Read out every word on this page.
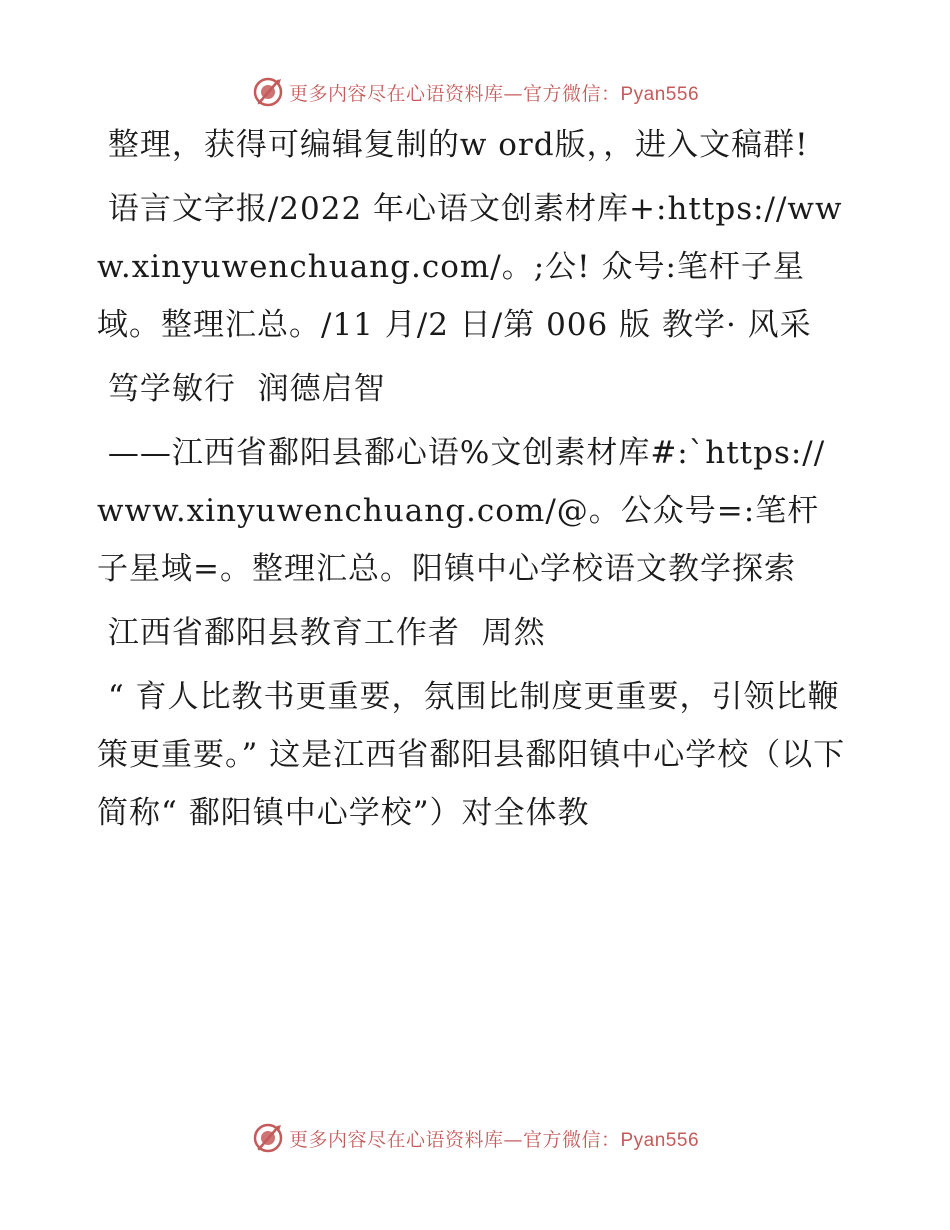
更多内容尽在心语资料库—官方微信：Pyan556

整理，获得可编辑复制的w ord版，，进入文稿群!

语言文字报/2022 年心语文创素材库+:https://www.xinyuwenchuang.com/。;公! 众号:笔杆子星域。整理汇总。/11 月/2 日/第 006 版 教学· 风采

笃学敏行  润德启智

——江西省鄱阳县鄱心语%文创素材库#:`https://www.xinyuwenchuang.com/@。公众号=:笔杆子星域=。整理汇总。阳镇中心学校语文教学探索

江西省鄱阳县教育工作者  周然

“ 育人比教书更重要，氛围比制度更重要，引领比鞭策更重要。” 这是江西省鄱阳县鄱阳镇中心学校（以下简称“ 鄱阳镇中心学校”）对全体教

更多内容尽在心语资料库—官方微信：Pyan556
